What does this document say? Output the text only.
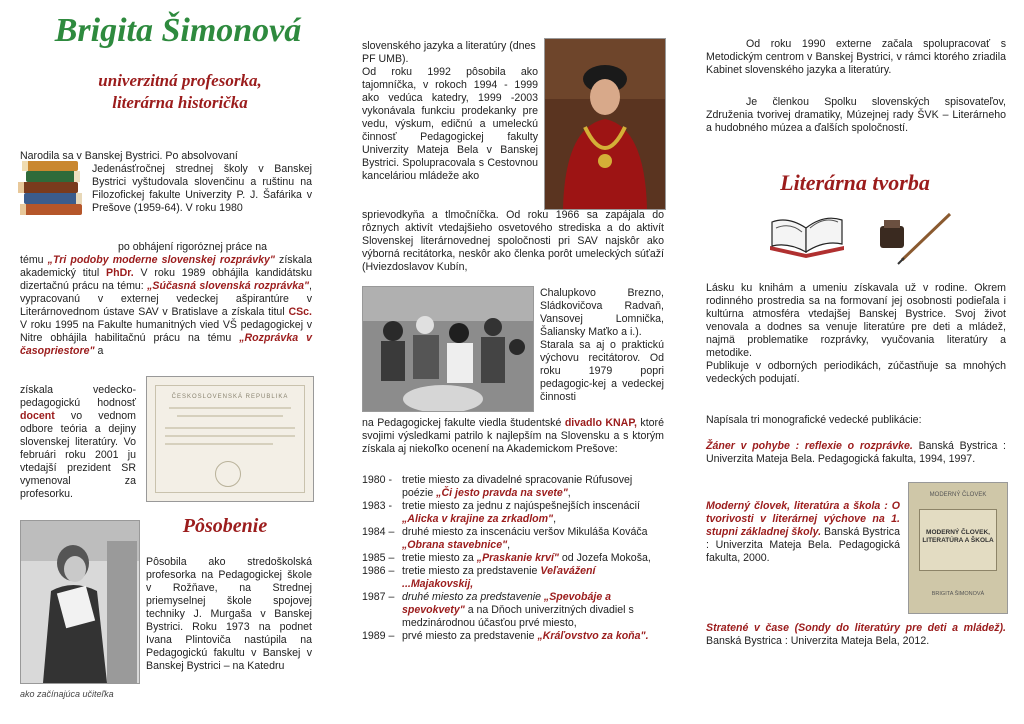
Brigita Šimonová
univerzitná profesorka,
literárna historička
Narodila sa v Banskej Bystrici. Po absolvovaní
Jedenásťročnej strednej školy v Banskej Bystrici vyštudovala slovenčinu a ruštinu na Filozofickej fakulte Univerzity P. J. Šafárika v Prešove (1959-64). V roku 1980
po obhájení rigoróznej práce na
tému „Tri podoby moderne slovenskej rozprávky" získala akademický titul PhDr. V roku 1989 obhájila kandidátsku dizertačnú prácu na tému: „Súčasná slovenská rozprávka", vypracovanú v externej vedeckej ašpirantúre v Literárnovednom ústave SAV v Bratislave a získala titul CSc. V roku 1995 na Fakulte humanitných vied VŠ pedagogickej v Nitre obhájila habilitačnú prácu na tému „Rozprávka v časopriestore" a
získala vedecko-pedagogickú hodnosť docent vo vednom odbore teória a dejiny slovenskej literatúry. Vo februári roku 2001 ju vtedajší prezident SR vymenoval za profesorku.
ČESKOSLOVENSKÁ REPUBLIKA
Pôsobenie
ako začínajúca učiteľka
Pôsobila ako stredoškolská profesorka na Pedagogickej škole v Rožňave, na Strednej priemyselnej škole spojovej techniky J. Murgaša v Banskej Bystrici. Roku 1973 na podnet Ivana Plintoviča nastúpila na Pedagogickú fakultu v Banskej v Banskej Bystrici – na Katedru
slovenského jazyka a literatúry (dnes PF UMB).
Od roku 1992 pôsobila ako tajomníčka, v rokoch 1994 - 1999 ako vedúca katedry, 1999 -2003 vykonávala funkciu prodekanky pre vedu, výskum, edičnú a umeleckú činnosť Pedagogickej fakulty Univerzity Mateja Bela v Banskej Bystrici. Spolupracovala s Cestovnou kanceláriou mládeže ako
sprievodkyňa a tlmočníčka. Od roku 1966 sa zapájala do rôznych aktivít vtedajšieho osvetového strediska a do aktivít Slovenskej literárnovednej spoločnosti pri SAV najskôr ako výborná recitátorka, neskôr ako členka porôt umeleckých súťaží (Hviezdoslavov Kubín,
Chalupkovo Brezno, Sládkovičova Radvaň, Vansovej Lomnička, Šaliansky Maťko a i.).
Starala sa aj o praktickú výchovu recitátorov. Od roku 1979 popri pedagogic-kej a vedeckej činnosti
na Pedagogickej fakulte viedla študentské divadlo KNAP, ktoré svojimi výsledkami patrilo k najlepším na Slovensku a s ktorým získala aj niekoľko ocenení na Akademickom Prešove:
1980 - tretie miesto za divadelné spracovanie Rúfusovej poézie „Či jesto pravda na svete",
1983 - tretie miesto za jednu z najúspešnejších inscenácií „Alicka v krajine za zrkadlom",
1984 – druhé miesto za inscenáciu veršov Mikuláša Kováča „Obrana stavebnice",
1985 – tretie miesto za „Praskanie krví" od Jozefa Mokoša,
1986 – tretie miesto za predstavenie Veľavážení ...Majakovskij,
1987 – druhé miesto za predstavenie „Spevobáje a spevokvety" a na Dňoch univerzitných divadiel s medzinárodnou účasťou prvé miesto,
1989 – prvé miesto za predstavenie „Kráľovstvo za koňa".
Od roku 1990 externe začala spolupracovať s Metodickým centrom v Banskej Bystrici, v rámci ktorého zriadila Kabinet slovenského jazyka a literatúry.
Je členkou Spolku slovenských spisovateľov, Združenia tvorivej dramatiky, Múzejnej rady ŠVK – Literárneho a hudobného múzea a ďalších spoločností.
Literárna tvorba
Lásku ku knihám a umeniu získavala už v rodine. Okrem rodinného prostredia sa na formovaní jej osobnosti podieľala i kultúrna atmosféra vtedajšej Banskej Bystrice. Svoj život venovala a dodnes sa venuje literatúre pre deti a mládež, najmä problematike rozprávky, vyučovania literatúry a metodike.
Publikuje v odborných periodikách, zúčastňuje sa mnohých vedeckých podujatí.
Napísala tri monografické vedecké publikácie:
Žáner v pohybe : reflexie o rozprávke. Banská Bystrica : Univerzita Mateja Bela. Pedagogická fakulta, 1994, 1997.
MODERNÝ ČLOVEK
MODERNÝ ČLOVEK, LITERATÚRA A ŠKOLA
BRIGITA ŠIMONOVÁ
Moderný človek, literatúra a škola : O tvorivosti v literárnej výchove na 1. stupni základnej školy. Banská Bystrica : Univerzita Mateja Bela. Pedagogická fakulta, 2000.
Stratené v čase (Sondy do literatúry pre deti a mládež). Banská Bystrica : Univerzita Mateja Bela, 2012.
